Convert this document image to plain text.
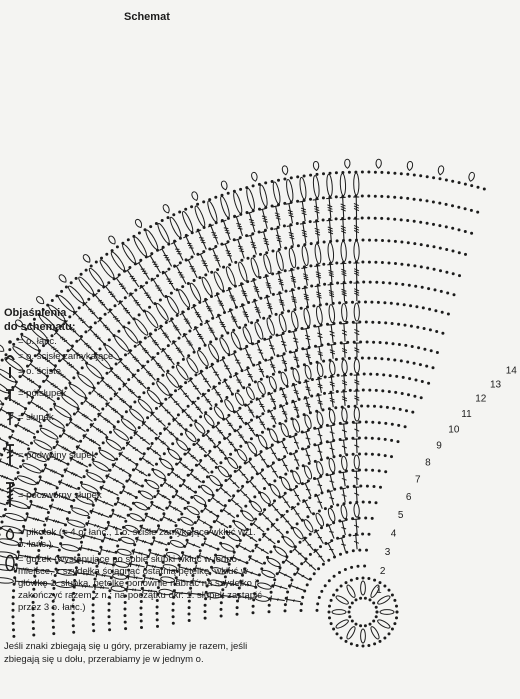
Schemat
1
2
3
4
5
6
7
8
9
10
11
12
13
14
Objaśnienia
do schematu:
= o. łańc.
= o. ścisłe zamykające
= o. ściste
= półsłupek
= słupek
= podwójny słupek
= poczwórny słupek
= pikotek (= 4 o. łańc., 1 o. ścisłe zamykające wkłuć w 1. o. łańc.)
= guzek (występujące po sobie słupki wkłuć w jedno miejsce, z szydełka ściągnąć ostatnią pętelkę, wkłuć w główkę 1. słupka, pętelkę ponownie nabrać na szydełko i zakończyć razem z n.; na początku okr. 1. słupek zastąpić przez 3 o. łańc.)
Jeśli znaki zbiegają się u góry, przerabiamy je razem, jeśli zbiegają się u dołu, przerabiamy je w jednym o.
